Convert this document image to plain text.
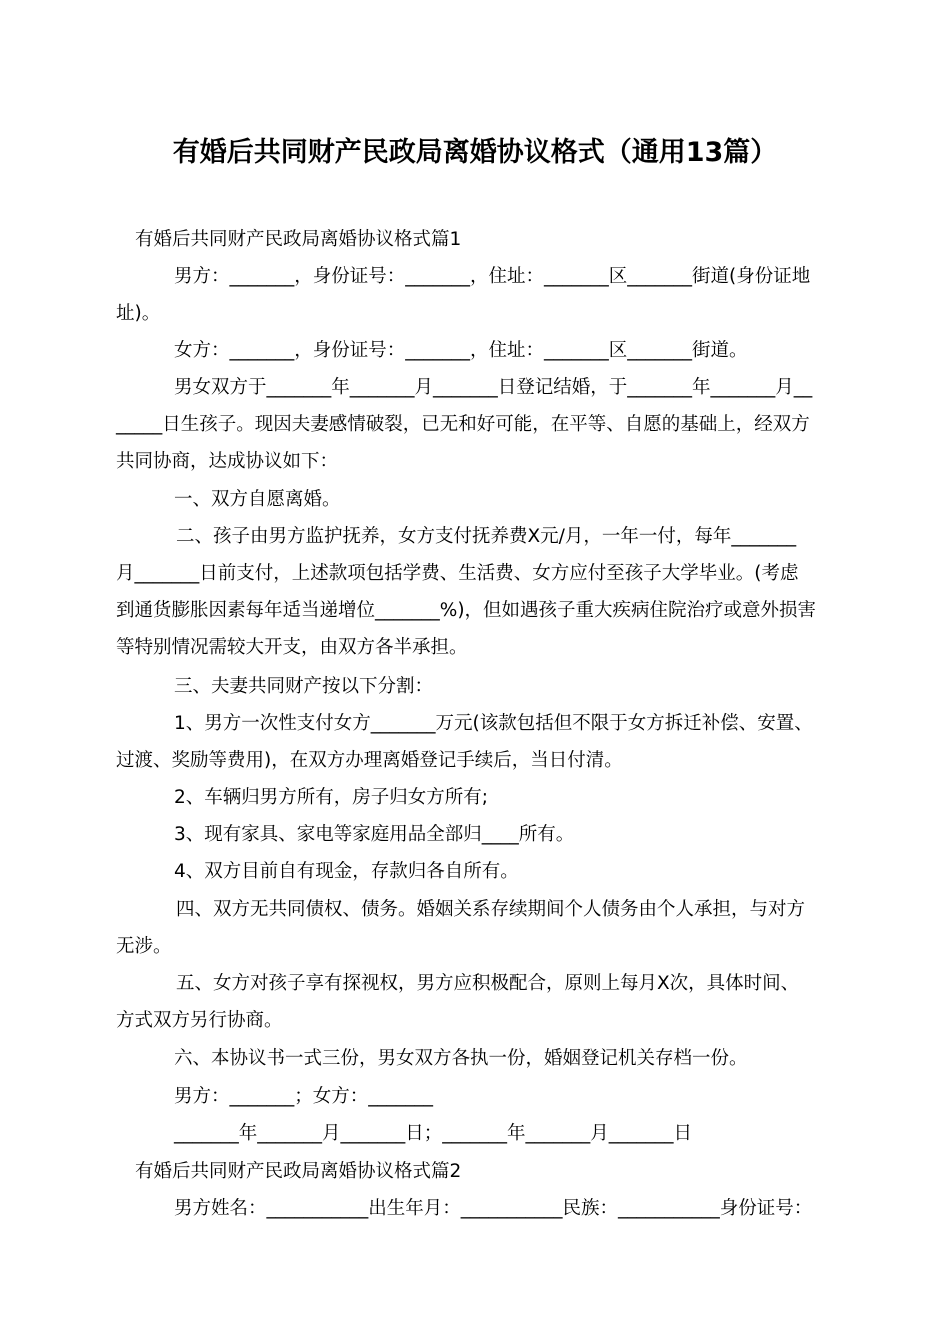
有婚后共同财产民政局离婚协议格式（通用13篇）
有婚后共同财产民政局离婚协议格式篇1
男方：_______，身份证号：_______，住址：_______区_______街道(身份证地
址)。
女方：_______，身份证号：_______，住址：_______区_______街道。
男女双方于_______年_______月_______日登记结婚，于_______年_______月__
_____日生孩子。现因夫妻感情破裂，已无和好可能，在平等、自愿的基础上，经双方
共同协商，达成协议如下：
一、双方自愿离婚。
二、孩子由男方监护抚养，女方支付抚养费X元/月，一年一付，每年_______
月_______日前支付，上述款项包括学费、生活费、女方应付至孩子大学毕业。(考虑
到通货膨胀因素每年适当递增位_______%)，但如遇孩子重大疾病住院治疗或意外损害
等特别情况需较大开支，由双方各半承担。
三、夫妻共同财产按以下分割：
1、男方一次性支付女方_______万元(该款包括但不限于女方拆迁补偿、安置、
过渡、奖励等费用)，在双方办理离婚登记手续后，当日付清。
2、车辆归男方所有，房子归女方所有;
3、现有家具、家电等家庭用品全部归____所有。
4、双方目前自有现金，存款归各自所有。
四、双方无共同债权、债务。婚姻关系存续期间个人债务由个人承担，与对方
无涉。
五、女方对孩子享有探视权，男方应积极配合，原则上每月X次，具体时间、
方式双方另行协商。
六、本协议书一式三份，男女双方各执一份，婚姻登记机关存档一份。
男方：_______；女方：_______
_______年_______月_______日；_______年_______月_______日
有婚后共同财产民政局离婚协议格式篇2
男方姓名：___________出生年月：___________民族：___________身份证号：
